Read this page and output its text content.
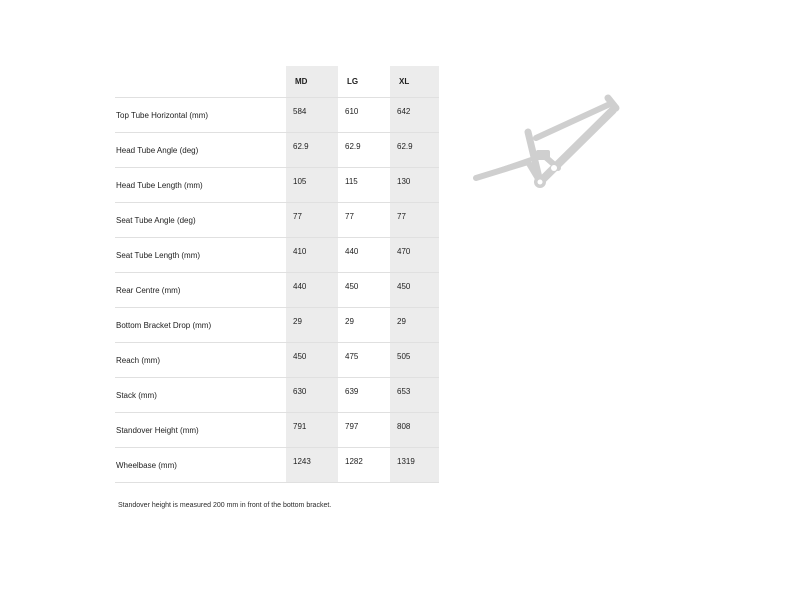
	MD	LG	XL
Top Tube Horizontal (mm)	584	610	642
Head Tube Angle (deg)	62.9	62.9	62.9
Head Tube Length (mm)	105	115	130
Seat Tube Angle (deg)	77	77	77
Seat Tube Length (mm)	410	440	470
Rear Centre (mm)	440	450	450
Bottom Bracket Drop (mm)	29	29	29
Reach (mm)	450	475	505
Stack (mm)	630	639	653
Standover Height (mm)	791	797	808
Wheelbase (mm)	1243	1282	1319
Standover height is measured 200 mm in front of the bottom bracket.
